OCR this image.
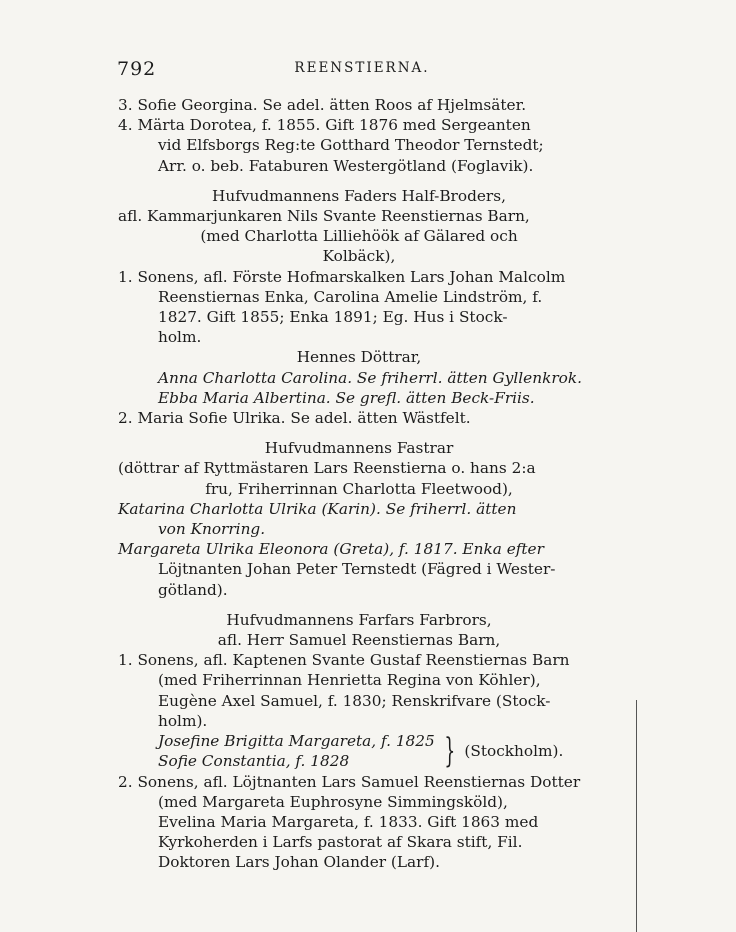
792	REENSTIERNA.
3. Sofie Georgina. Se adel. ätten Roos af Hjelmsäter.
4. Märta Dorotea, f. 1855. Gift 1876 med Sergeanten
vid Elfsborgs Reg:te Gotthard Theodor Ternstedt;
Arr. o. beb. Fataburen Westergötland (Foglavik).
Hufvudmannens Faders Half-Broders,
afl. Kammarjunkaren Nils Svante Reenstiernas Barn,
(med Charlotta Lilliehöök af Gälared och
Kolbäck),
1. Sonens, afl. Förste Hofmarskalken Lars Johan Malcolm
Reenstiernas Enka, Carolina Amelie Lindström, f.
1827. Gift 1855; Enka 1891; Eg. Hus i Stock-
holm.
Hennes Döttrar,
Anna Charlotta Carolina. Se friherrl. ätten Gyllenkrok.
Ebba Maria Albertina. Se grefl. ätten Beck-Friis.
2. Maria Sofie Ulrika. Se adel. ätten Wästfelt.
Hufvudmannens Fastrar
(döttrar af Ryttmästaren Lars Reenstierna o. hans 2:a
fru, Friherrinnan Charlotta Fleetwood),
Katarina Charlotta Ulrika (Karin). Se friherrl. ätten
von Knorring.
Margareta Ulrika Eleonora (Greta), f. 1817. Enka efter
Löjtnanten Johan Peter Ternstedt (Fägred i Wester-
götland).
Hufvudmannens Farfars Farbrors,
afl. Herr Samuel Reenstiernas Barn,
1. Sonens, afl. Kaptenen Svante Gustaf Reenstiernas Barn
(med Friherrinnan Henrietta Regina von Köhler),
Eugène Axel Samuel, f. 1830; Renskrifvare (Stock-
holm).
Josefine Brigitta Margareta, f. 1825
Sofie Constantia, f. 1828	} (Stockholm).
2. Sonens, afl. Löjtnanten Lars Samuel Reenstiernas Dotter
(med Margareta Euphrosyne Simmingsköld),
Evelina Maria Margareta, f. 1833. Gift 1863 med
Kyrkoherden i Larfs pastorat af Skara stift, Fil.
Doktoren Lars Johan Olander (Larf).
